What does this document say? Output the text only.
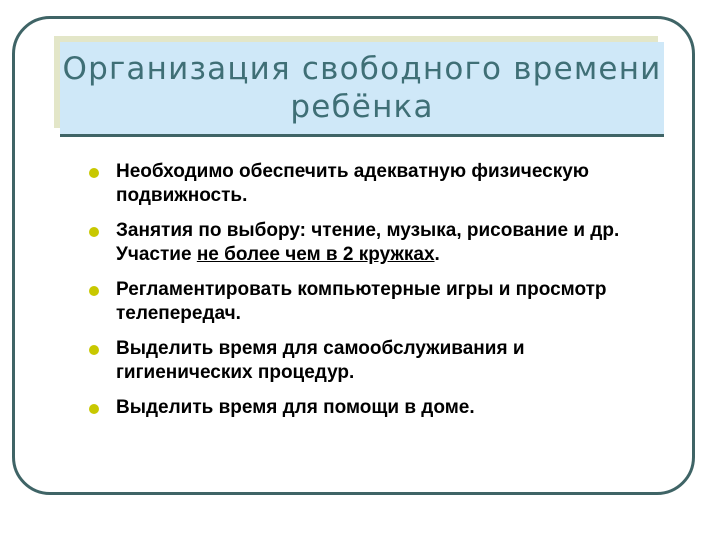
Организация свободного времени ребёнка
Необходимо обеспечить адекватную физическую подвижность.
Занятия по выбору: чтение, музыка, рисование и др. Участие не более чем в 2 кружках.
Регламентировать компьютерные игры и просмотр телепередач.
Выделить время для самообслуживания и гигиенических процедур.
Выделить время для помощи в доме.
